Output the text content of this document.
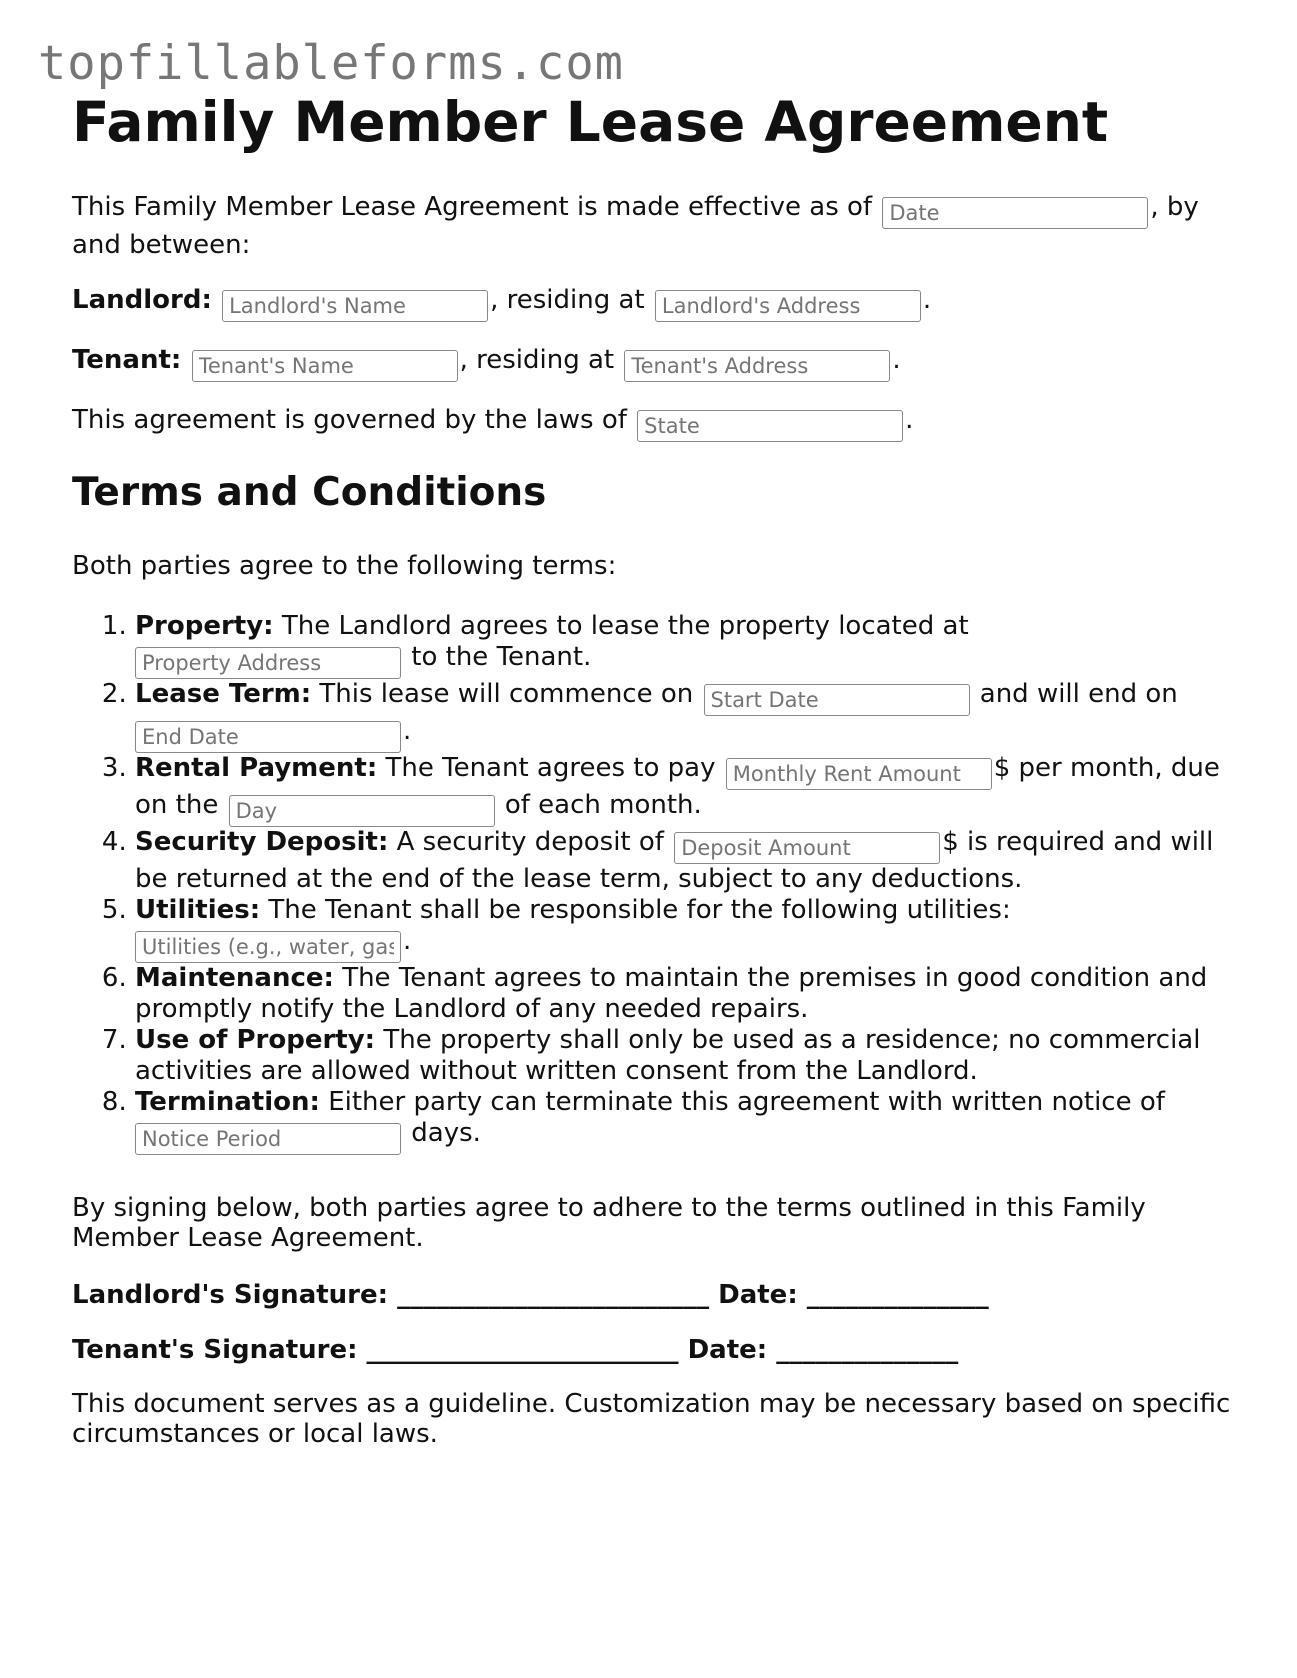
topfillableforms.com
Family Member Lease Agreement

This Family Member Lease Agreement is made effective as of Date	, by and between:

Landlord: Landlord's Name	, residing at Landlord's Address	.

Tenant: Tenant's Name	, residing at Tenant's Address	.

This agreement is governed by the laws of State	.

Terms and Conditions

Both parties agree to the following terms:

1. Property: The Landlord agrees to lease the property located at Property Address to the Tenant.
2. Lease Term: This lease will commence on Start Date	and will end on End Date.
3. Rental Payment: The Tenant agrees to pay Monthly Rent Amount	$ per month, due on the Day	of each month.
4. Security Deposit: A security deposit of Deposit Amount	$ is required and will be returned at the end of the lease term, subject to any deductions.
5. Utilities: The Tenant shall be responsible for the following utilities: Utilities (e.g., water, gas).
6. Maintenance: The Tenant agrees to maintain the premises in good condition and promptly notify the Landlord of any needed repairs.
7. Use of Property: The property shall only be used as a residence; no commercial activities are allowed without written consent from the Landlord.
8. Termination: Either party can terminate this agreement with written notice of Notice Period days.

By signing below, both parties agree to adhere to the terms outlined in this Family Member Lease Agreement.

Landlord's Signature: ________________________ Date: ______________

Tenant's Signature: ________________________ Date: ______________

This document serves as a guideline. Customization may be necessary based on specific circumstances or local laws.
